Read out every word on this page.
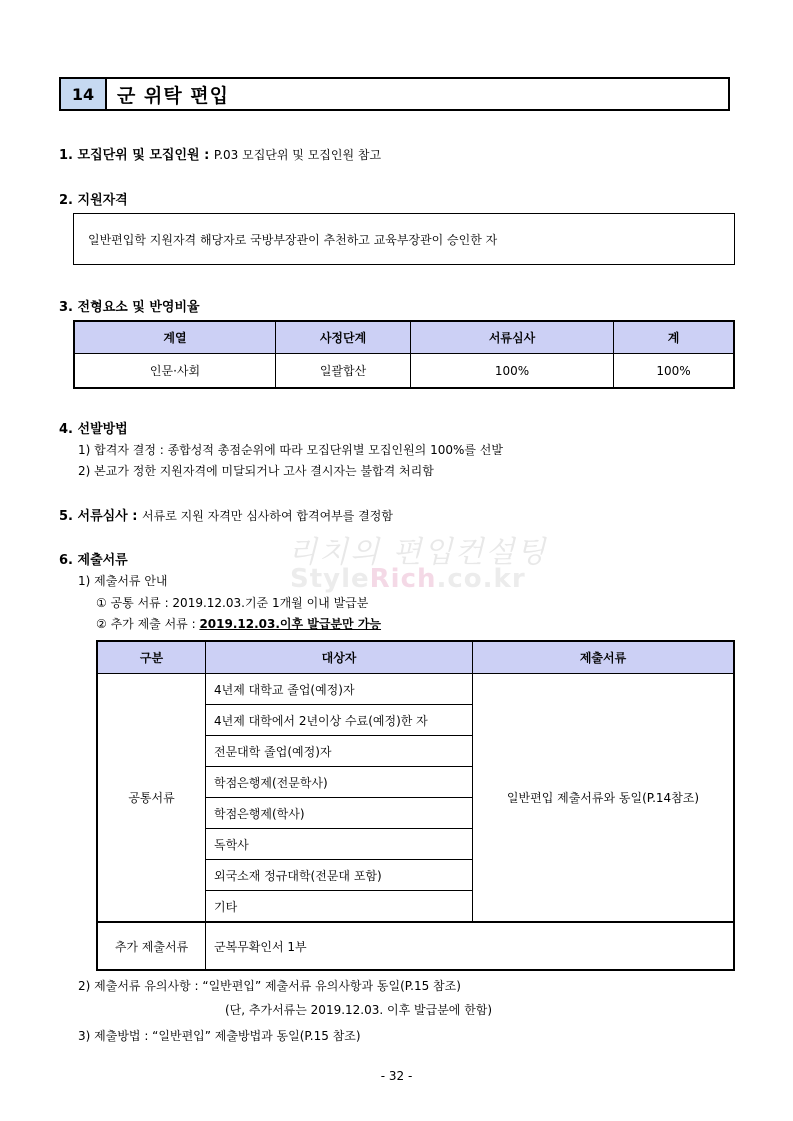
14	군 위탁 편입
1. 모집단위 및 모집인원 : P.03 모집단위 및 모집인원 참고
2. 지원자격
일반편입학 지원자격 해당자로 국방부장관이 추천하고 교육부장관이 승인한 자
3. 전형요소 및 반영비율
계열	사정단계	서류심사	계
인문·사회	일괄합산	100%	100%
4. 선발방법
1) 합격자 결정 : 종합성적 총점순위에 따라 모집단위별 모집인원의 100%를 선발
2) 본교가 정한 지원자격에 미달되거나 고사 결시자는 불합격 처리함
5. 서류심사 : 서류로 지원 자격만 심사하여 합격여부를 결정함
리치의 편입컨설팅
StyleRich.co.kr
6. 제출서류
1) 제출서류 안내
① 공통 서류 : 2019.12.03.기준 1개월 이내 발급분
② 추가 제출 서류 : 2019.12.03.이후 발급분만 가능
구분	대상자	제출서류
공통서류	4년제 대학교 졸업(예정)자	일반편입 제출서류와 동일(P.14참조)
	4년제 대학에서 2년이상 수료(예정)한 자	
	전문대학 졸업(예정)자	
	학점은행제(전문학사)	
	학점은행제(학사)	
	독학사	
	외국소재 정규대학(전문대 포함)	
	기타	
추가 제출서류	군복무확인서 1부	
2) 제출서류 유의사항 : “일반편입” 제출서류 유의사항과 동일(P.15 참조)
(단, 추가서류는 2019.12.03. 이후 발급분에 한함)
3) 제출방법 : “일반편입” 제출방법과 동일(P.15 참조)
- 32 -
